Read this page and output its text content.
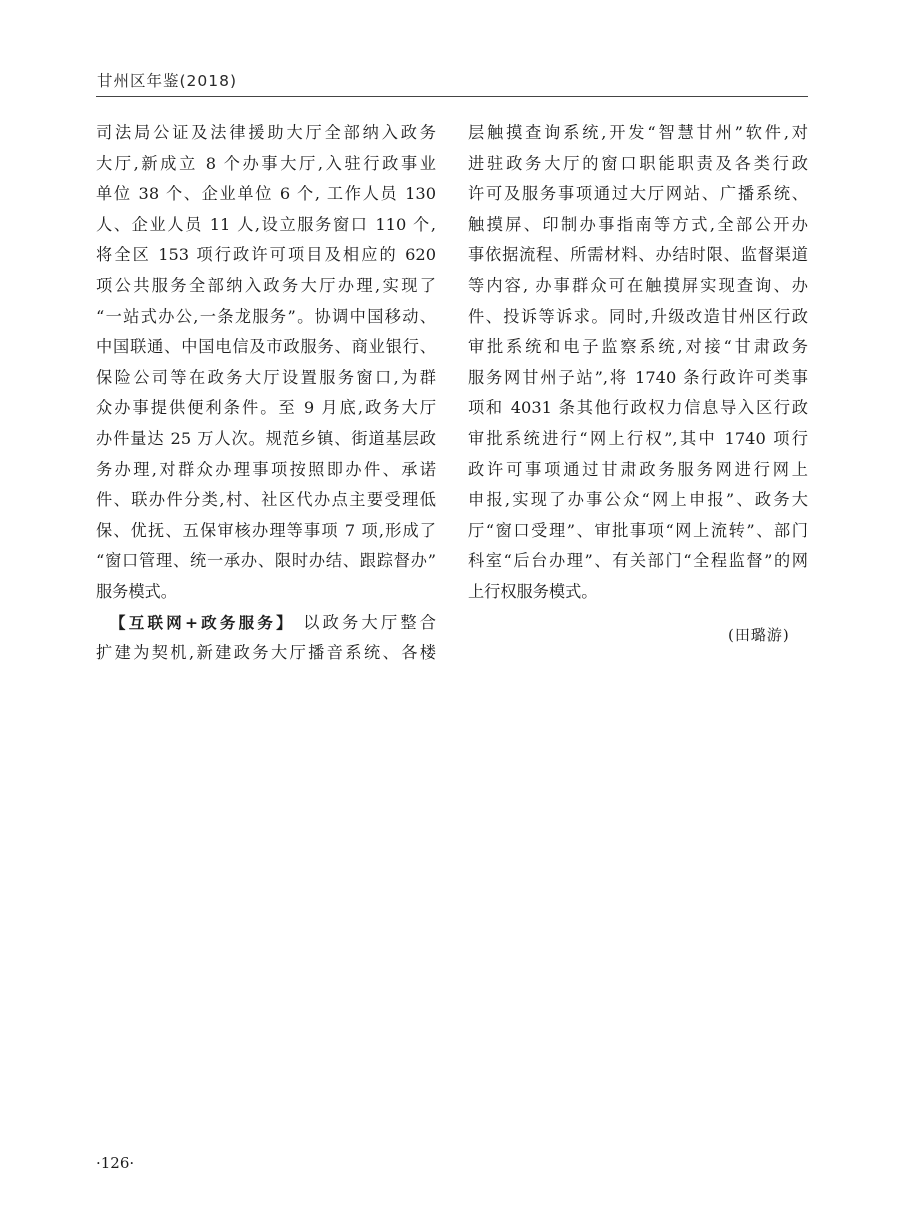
甘州区年鉴(2018)
司法局公证及法律援助大厅全部纳入政务
大厅,新成立 8 个办事大厅,入驻行政事业
单位 38 个、企业单位 6 个, 工作人员 130
人、企业人员 11 人,设立服务窗口 110 个,
将全区 153 项行政许可项目及相应的 620
项公共服务全部纳入政务大厅办理,实现了
“一站式办公,一条龙服务”。协调中国移动、
中国联通、中国电信及市政服务、商业银行、
保险公司等在政务大厅设置服务窗口,为群
众办事提供便利条件。至 9 月底,政务大厅
办件量达 25 万人次。规范乡镇、街道基层政
务办理,对群众办理事项按照即办件、承诺
件、联办件分类,村、社区代办点主要受理低
保、优抚、五保审核办理等事项 7 项,形成了
“窗口管理、统一承办、限时办结、跟踪督办”
服务模式。
【互联网+政务服务】 以政务大厅整合
扩建为契机,新建政务大厅播音系统、各楼
层触摸查询系统,开发“智慧甘州”软件,对
进驻政务大厅的窗口职能职责及各类行政
许可及服务事项通过大厅网站、广播系统、
触摸屏、印制办事指南等方式,全部公开办
事依据流程、所需材料、办结时限、监督渠道
等内容, 办事群众可在触摸屏实现查询、办
件、投诉等诉求。同时,升级改造甘州区行政
审批系统和电子监察系统,对接“甘肃政务
服务网甘州子站”,将 1740 条行政许可类事
项和 4031 条其他行政权力信息导入区行政
审批系统进行“网上行权”,其中 1740 项行
政许可事项通过甘肃政务服务网进行网上
申报,实现了办事公众“网上申报”、政务大
厅“窗口受理”、审批事项“网上流转”、部门
科室“后台办理”、有关部门“全程监督”的网
上行权服务模式。
(田璐游)
·126·
